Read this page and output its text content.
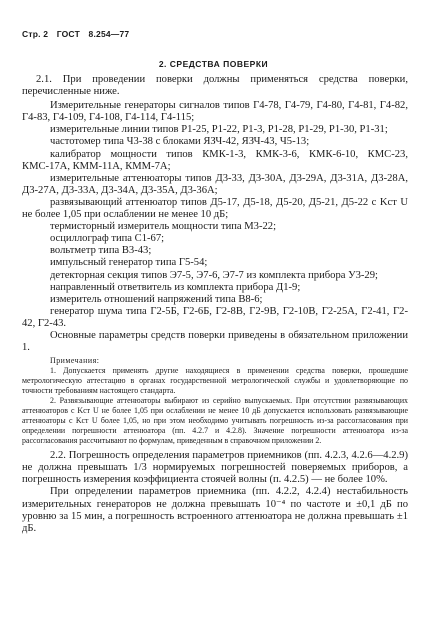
Стр. 2 ГОСТ 8.254—77
2. СРЕДСТВА ПОВЕРКИ

2.1. При проведении поверки должны применяться средства поверки, перечисленные ниже.

Измерительные генераторы сигналов типов Г4-78, Г4-79, Г4-80, Г4-81, Г4-82, Г4-83, Г4-109, Г4-108, Г4-114, Г4-115;

измерительные линии типов Р1-25, Р1-22, Р1-3, Р1-28, Р1-29, Р1-30, Р1-31;

частотомер типа Ч3-38 с блоками ЯЗЧ-42, ЯЗЧ-43, Ч5-13;

калибратор мощности типов КМК-1-3, КМК-3-6, КМК-6-10, КМС-23, КМС-17А, КММ-11А, КММ-7А;

измерительные аттенюаторы типов Д3-33, Д3-30А, Д3-29А, Д3-31А, Д3-28А, Д3-27А, Д3-33А, Д3-34А, Д3-35А, Д3-36А;

развязывающий аттенюатор типов Д5-17, Д5-18, Д5-20, Д5-21, Д5-22 с Kст U не более 1,05 при ослаблении не менее 10 дБ;

термисторный измеритель мощности типа М3-22;

осциллограф типа С1-67;

вольтметр типа В3-43;

импульсный генератор типа Г5-54;

детекторная секция типов Э7-5, Э7-6, Э7-7 из комплекта прибора У3-29;

направленный ответвитель из комплекта прибора Д1-9;

измеритель отношений напряжений типа В8-6;

генератор шума типа Г2-5Б, Г2-6Б, Г2-8В, Г2-9В, Г2-10В, Г2-25А, Г2-41, Г2-42, Г2-43.

Основные параметры средств поверки приведены в обязательном приложении 1.

Примечания:

1. Допускается применять другие находящиеся в применении средства поверки, прошедшие метрологическую аттестацию в органах государственной метрологической службы и удовлетворяющие по точности требованиям настоящего стандарта.

2. Развязывающие аттенюаторы выбирают из серийно выпускаемых. При отсутствии развязывающих аттенюаторов с Kст U не более 1,05 при ослаблении не менее 10 дБ допускается использовать развязывающие аттенюаторы с Kст U более 1,05, но при этом необходимо учитывать погрешность из-за рассогласования при определении погрешности аттенюатора (пп. 4.2.7 и 4.2.8). Значение погрешности аттенюатора из-за рассогласования рассчитывают по формулам, приведенным в справочном приложении 2.

2.2. Погрешность определения параметров приемников (пп. 4.2.3, 4.2.6—4.2.9) не должна превышать 1/3 нормируемых погрешностей поверяемых приборов, а погрешность измерения коэффициента стоячей волны (п. 4.2.5) — не более 10%.

При определении параметров приемника (пп. 4.2.2, 4.2.4) нестабильность измерительных генераторов не должна превышать 10⁻⁴ по частоте и ±0,1 дБ по уровню за 15 мин, а погрешность встроенного аттенюатора не должна превышать ±1 дБ.
